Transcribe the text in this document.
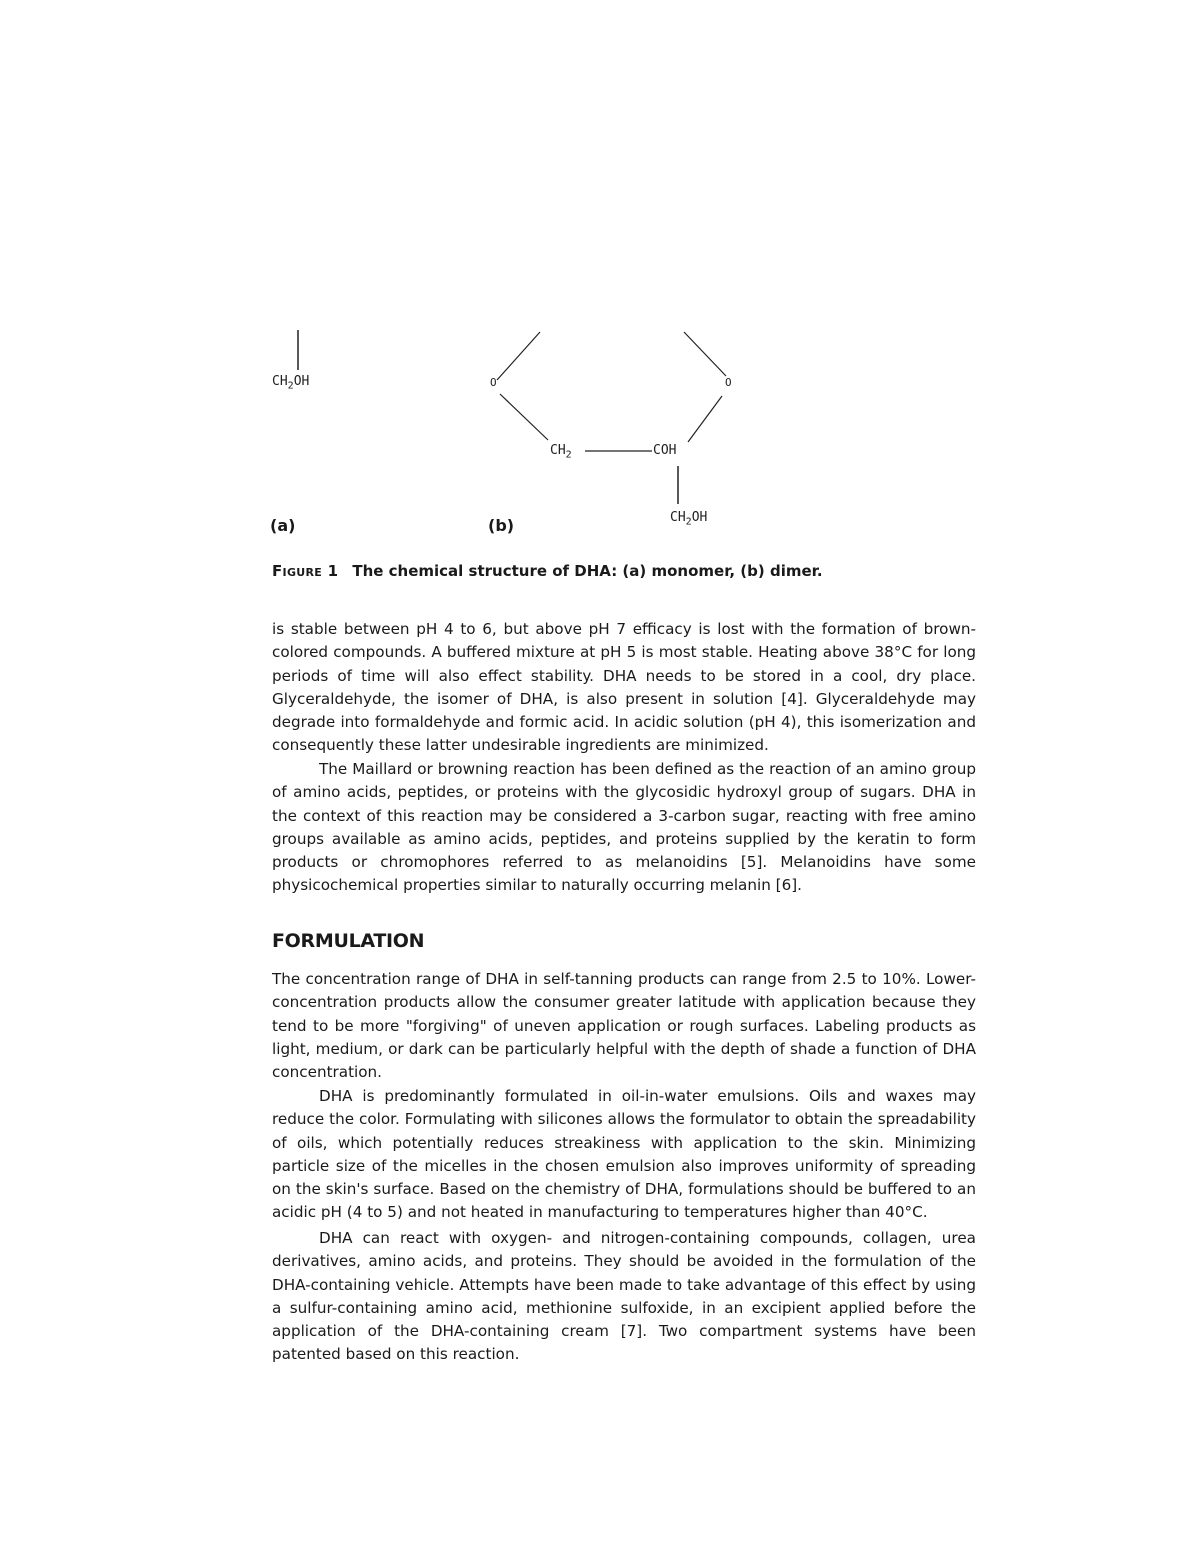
$CH_2OH$	O	O
$CH_2$	COH
$CH_2OH$
(a)	(b)
Figure 1 The chemical structure of DHA: (a) monomer, (b) dimer.

is stable between pH 4 to 6, but above pH 7 efficacy is lost with the formation of brown-colored compounds. A buffered mixture at pH 5 is most stable. Heating above 38°C for long periods of time will also effect stability. DHA needs to be stored in a cool, dry place. Glyceraldehyde, the isomer of DHA, is also present in solution [4]. Glyceraldehyde may degrade into formaldehyde and formic acid. In acidic solution (pH 4), this isomerization and consequently these latter undesirable ingredients are minimized.

The Maillard or browning reaction has been defined as the reaction of an amino group of amino acids, peptides, or proteins with the glycosidic hydroxyl group of sugars. DHA in the context of this reaction may be considered a 3-carbon sugar, reacting with free amino groups available as amino acids, peptides, and proteins supplied by the keratin to form products or chromophores referred to as melanoidins [5]. Melanoidins have some physicochemical properties similar to naturally occurring melanin [6].

FORMULATION

The concentration range of DHA in self-tanning products can range from 2.5 to 10%. Lower-concentration products allow the consumer greater latitude with application because they tend to be more "forgiving" of uneven application or rough surfaces. Labeling products as light, medium, or dark can be particularly helpful with the depth of shade a function of DHA concentration.

DHA is predominantly formulated in oil-in-water emulsions. Oils and waxes may reduce the color. Formulating with silicones allows the formulator to obtain the spreadability of oils, which potentially reduces streakiness with application to the skin. Minimizing particle size of the micelles in the chosen emulsion also improves uniformity of spreading on the skin's surface. Based on the chemistry of DHA, formulations should be buffered to an acidic pH (4 to 5) and not heated in manufacturing to temperatures higher than 40°C.

DHA can react with oxygen- and nitrogen-containing compounds, collagen, urea derivatives, amino acids, and proteins. They should be avoided in the formulation of the DHA-containing vehicle. Attempts have been made to take advantage of this effect by using a sulfur-containing amino acid, methionine sulfoxide, in an excipient applied before the application of the DHA-containing cream [7]. Two compartment systems have been patented based on this reaction.
